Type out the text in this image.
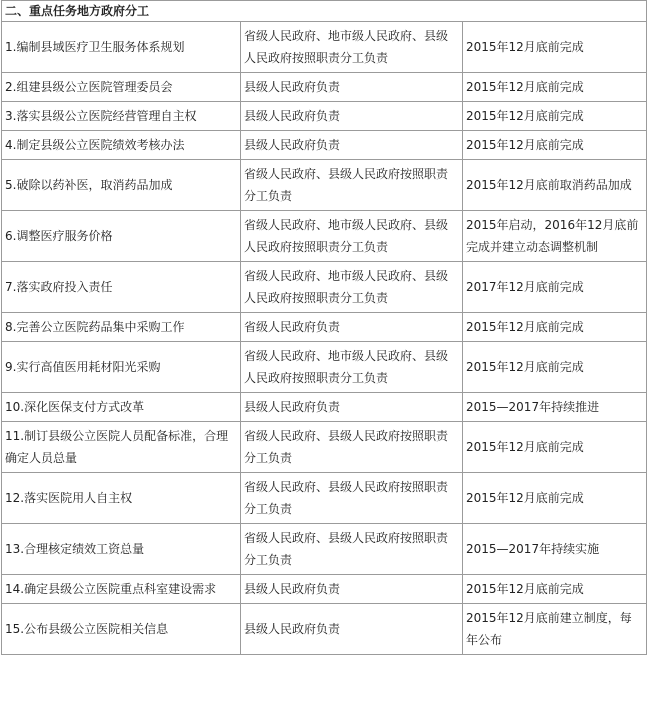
二、重点任务地方政府分工		
1.编制县域医疗卫生服务体系规划	省级人民政府、地市级人民政府、县级人民政府按照职责分工负责	2015年12月底前完成
2.组建县级公立医院管理委员会	县级人民政府负责	2015年12月底前完成
3.落实县级公立医院经营管理自主权	县级人民政府负责	2015年12月底前完成
4.制定县级公立医院绩效考核办法	县级人民政府负责	2015年12月底前完成
5.破除以药补医，取消药品加成	省级人民政府、县级人民政府按照职责分工负责	2015年12月底前取消药品加成
6.调整医疗服务价格	省级人民政府、地市级人民政府、县级人民政府按照职责分工负责	2015年启动，2016年12月底前完成并建立动态调整机制
7.落实政府投入责任	省级人民政府、地市级人民政府、县级人民政府按照职责分工负责	2017年12月底前完成
8.完善公立医院药品集中采购工作	省级人民政府负责	2015年12月底前完成
9.实行高值医用耗材阳光采购	省级人民政府、地市级人民政府、县级人民政府按照职责分工负责	2015年12月底前完成
10.深化医保支付方式改革	县级人民政府负责	2015—2017年持续推进
11.制订县级公立医院人员配备标准，合理确定人员总量	省级人民政府、县级人民政府按照职责分工负责	2015年12月底前完成
12.落实医院用人自主权	省级人民政府、县级人民政府按照职责分工负责	2015年12月底前完成
13.合理核定绩效工资总量	省级人民政府、县级人民政府按照职责分工负责	2015—2017年持续实施
14.确定县级公立医院重点科室建设需求	县级人民政府负责	2015年12月底前完成
15.公布县级公立医院相关信息	县级人民政府负责	2015年12月底前建立制度，每年公布
